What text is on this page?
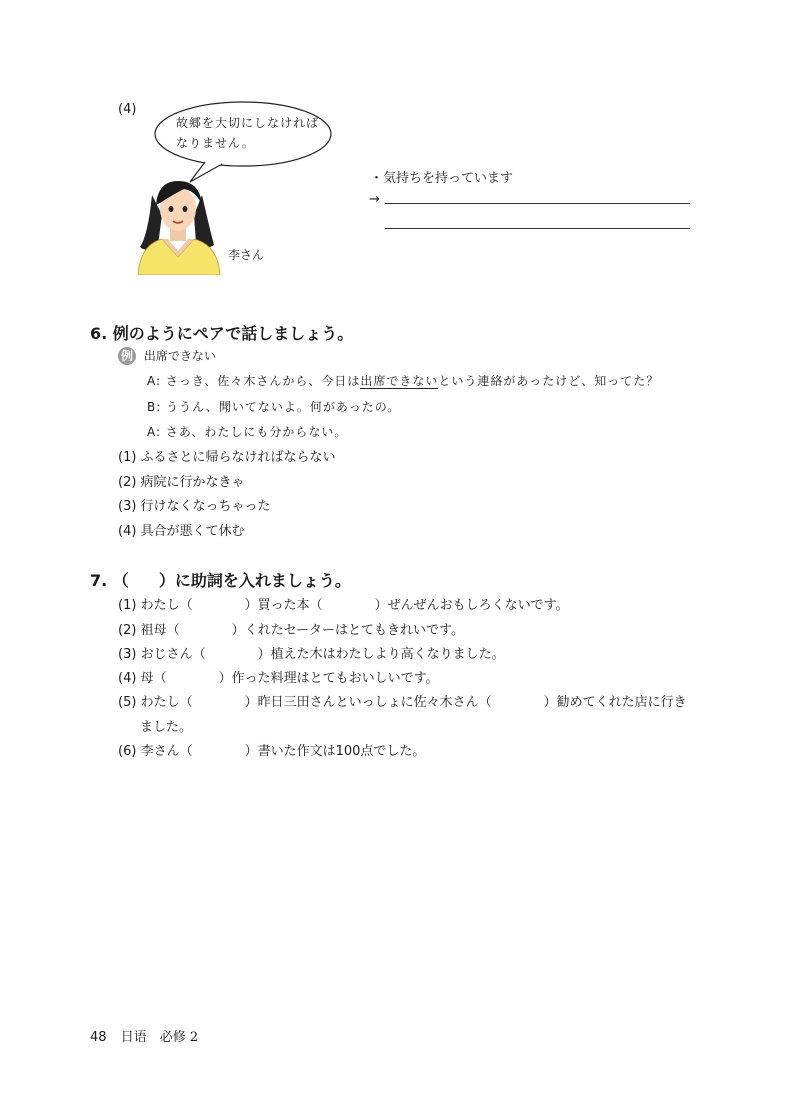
(4)
故郷を大切にしなければ
なりません。
李さん
・気持ちを持っています
→
6. 例のようにペアで話しましょう。
例 出席できない
A: さっき、佐々木さんから、今日は出席できないという連絡があったけど、知ってた？
B: ううん、聞いてないよ。何があったの。
A: さあ、わたしにも分からない。
(1) ふるさとに帰らなければならない
(2) 病院に行かなきゃ
(3) 行けなくなっちゃった
(4) 具合が悪くて休む
7. （ ）に助詞を入れましょう。
(1) わたし（　　　　）買った本（　　　　）ぜんぜんおもしろくないです。
(2) 祖母（　　　　）くれたセーターはとてもきれいです。
(3) おじさん（　　　　）植えた木はわたしより高くなりました。
(4) 母（　　　　）作った料理はとてもおいしいです。
(5) わたし（　　　　）昨日三田さんといっしょに佐々木さん（　　　　）勧めてくれた店に行き
ました。
(6) 李さん（　　　　）書いた作文は100点でした。
48 日语　必修 2
